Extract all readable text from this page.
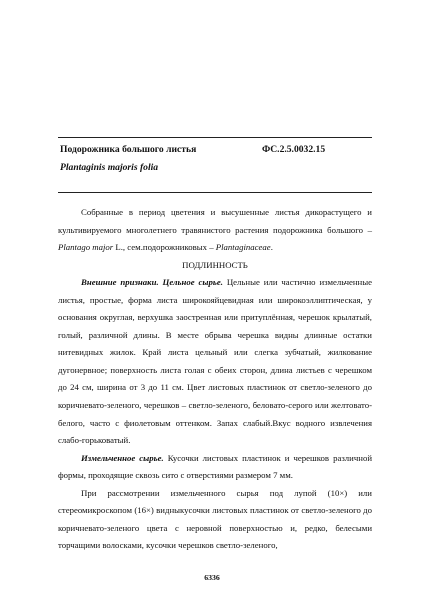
Подорожника большого листья	ФС.2.5.0032.15
Plantaginis majoris folia

Собранные в период цветения и высушенные листья дикорастущего и культивируемого многолетнего травянистого растения подорожника большого – Plantago major L., сем.подорожниковых – Plantaginaceae.

ПОДЛИННОСТЬ

Внешние признаки. Цельное сырье. Цельные или частично измельченные листья, простые, форма листа широкояйцевидная или широкоэллиптическая, у основания округлая, верхушка заостренная или притуплённая, черешок крылатый, голый, различной длины. В месте обрыва черешка видны длинные остатки нитевидных жилок. Край листа цельный или слегка зубчатый, жилкование дугонервное; поверхность листа голая с обеих сторон, длина листьев с черешком до 24 см, ширина от 3 до 11 см. Цвет листовых пластинок от светло-зеленого до коричневато-зеленого, черешков – светло-зеленого, беловато-серого или желтовато-белого, часто с фиолетовым оттенком. Запах слабый.Вкус водного извлечения слабо-горьковатый.

Измельченное сырье. Кусочки листовых пластинок и черешков различной формы, проходящие сквозь сито с отверстиями размером 7 мм.

При рассмотрении измельченного сырья под лупой (10×) или стереомикроскопом (16×) видныкусочки листовых пластинок от светло-зеленого до коричневато-зеленого цвета с неровной поверхностью и, редко, белесыми торчащими волосками, кусочки черешков светло-зеленого,

6336
